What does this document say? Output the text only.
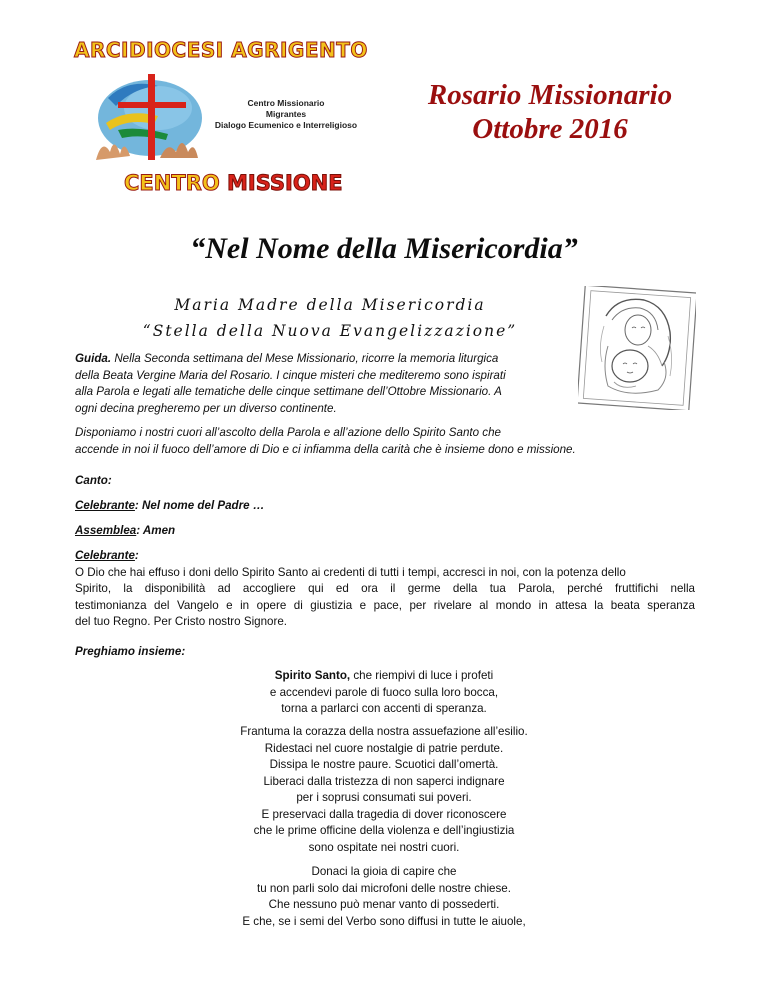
ARCIDIOCESI AGRIGENTO
Centro Missionario
Migrantes
Dialogo Ecumenico e Interreligioso
CENTRO MISSIONE
Rosario Missionario
Ottobre 2016
“Nel Nome della Misericordia”
Maria Madre della Misericordia
“Stella della Nuova Evangelizzazione”
Guida. Nella Seconda settimana del Mese Missionario, ricorre la memoria liturgica
della Beata Vergine Maria del Rosario. I cinque misteri che mediteremo sono ispirati
alla Parola e legati alle tematiche delle cinque settimane dell’Ottobre Missionario. A
ogni decina pregheremo per un diverso continente.
Disponiamo i nostri cuori all’ascolto della Parola e all’azione dello Spirito Santo che
accende in noi il fuoco dell’amore di Dio e ci infiamma della carità che è insieme dono e missione.
Canto:
Celebrante: Nel nome del Padre …
Assemblea: Amen
Celebrante:
O Dio che hai effuso i doni dello Spirito Santo ai credenti di tutti i tempi, accresci in noi, con la potenza dello
Spirito, la disponibilità ad accogliere qui ed ora il germe della tua Parola, perché fruttifichi nella
testimonianza del Vangelo e in opere di giustizia e pace, per rivelare al mondo in attesa la beata speranza
del tuo Regno. Per Cristo nostro Signore.
Preghiamo insieme:
Spirito Santo, che riempivi di luce i profeti
e accendevi parole di fuoco sulla loro bocca,
torna a parlarci con accenti di speranza.
Frantuma la corazza della nostra assuefazione all’esilio.
Ridestaci nel cuore nostalgie di patrie perdute.
Dissipa le nostre paure. Scuotici dall’omertà.
Liberaci dalla tristezza di non saperci indignare
per i soprusi consumati sui poveri.
E preservaci dalla tragedia di dover riconoscere
che le prime officine della violenza e dell’ingiustizia
sono ospitate nei nostri cuori.
Donaci la gioia di capire che
tu non parli solo dai microfoni delle nostre chiese.
Che nessuno può menar vanto di possederti.
E che, se i semi del Verbo sono diffusi in tutte le aiuole,
